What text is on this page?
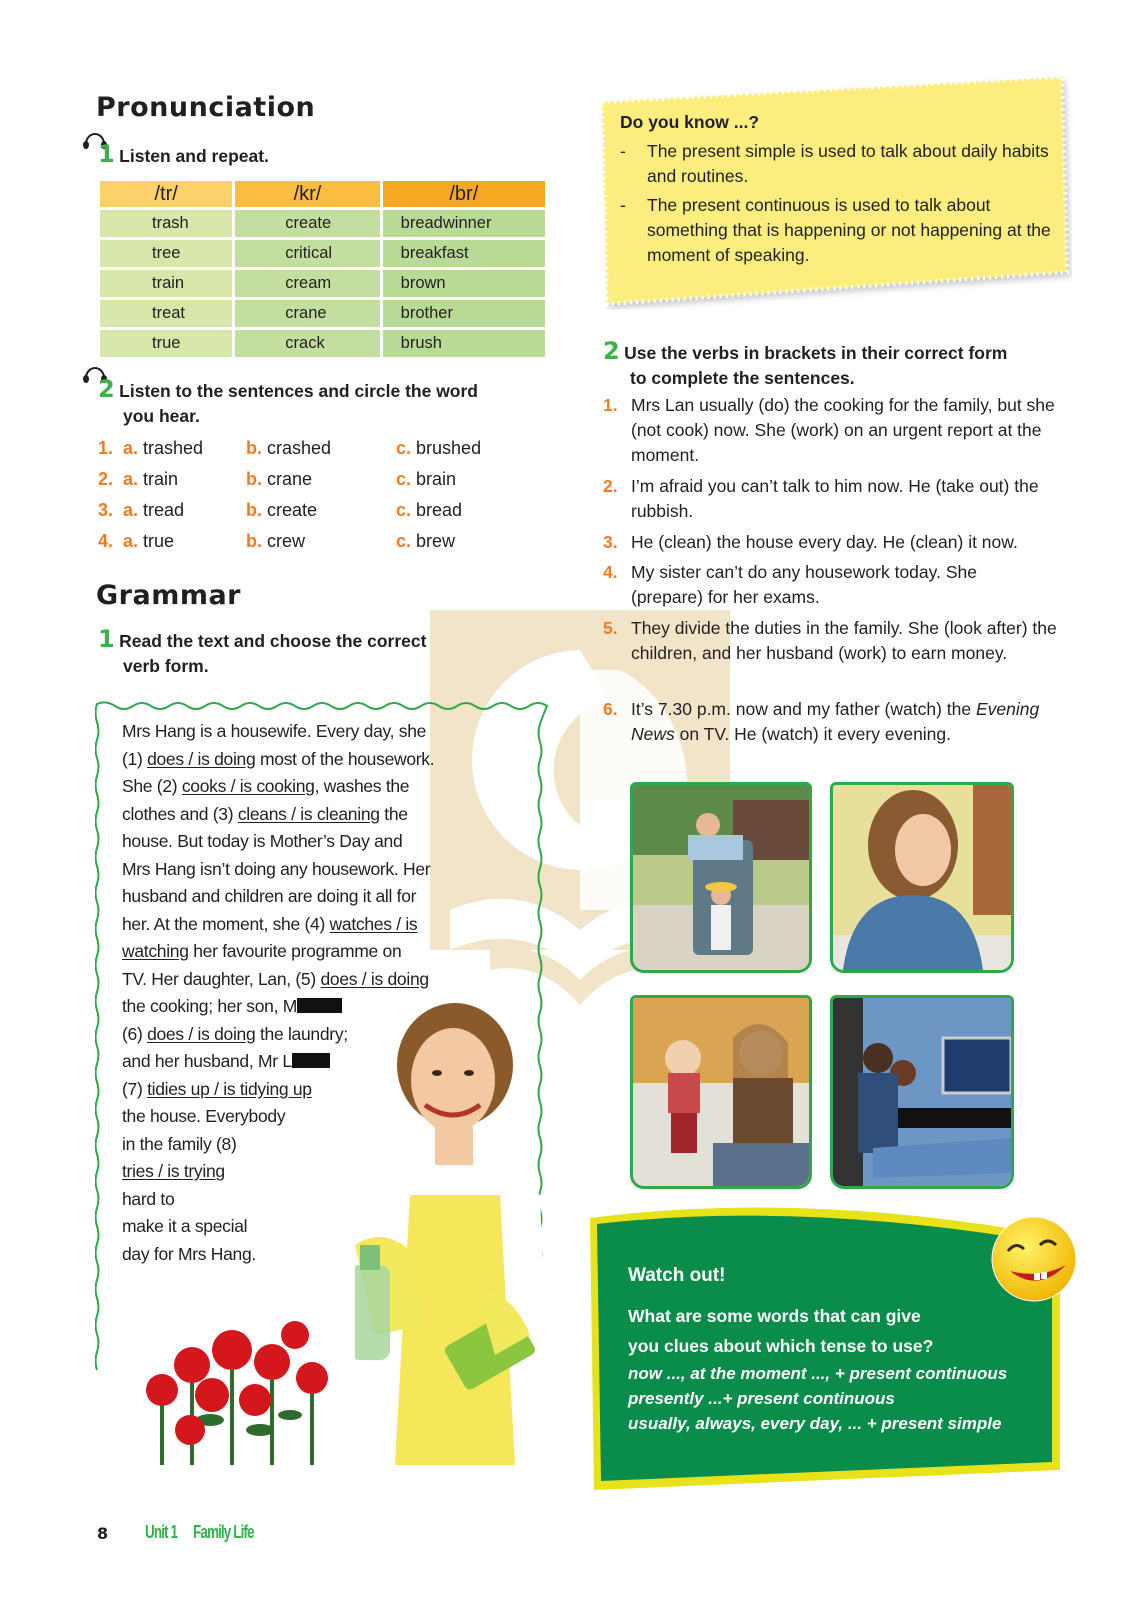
Pronunciation
1 Listen and repeat.
/tr/	/kr/	/br/
trash	create	breadwinner
tree	critical	breakfast
train	cream	brown
treat	crane	brother
true	crack	brush
2 Listen to the sentences and circle the word
you hear.
1. a. trashed b. crashed	c. brushed
2. a. train	b. crane	c. brain
3. a. tread	b. create	c. bread
4. a. true	b. crew	c. brew
Grammar
1 Read the text and choose the correct
verb form.
Mrs Hang is a housewife. Every day, she
(1) does / is doing most of the housework.
She (2) cooks / is cooking, washes the
clothes and (3) cleans / is cleaning the
house. But today is Mother’s Day and
Mrs Hang isn’t doing any housework. Her
husband and children are doing it all for
her. At the moment, she (4) watches / is
watching her favourite programme on
TV. Her daughter, Lan, (5) does / is doing
the cooking; her son, M
(6) does / is doing the laundry;
and her husband, Mr L
(7) tidies up / is tidying up
the house. Everybody
in the family (8)
tries / is trying
hard to
make it a special
day for Mrs Hang.
Do you know ...?
- The present simple is used to talk about daily habits and routines.
- The present continuous is used to talk about something that is happening or not happening at the moment of speaking.
2 Use the verbs in brackets in their correct form
to complete the sentences.
1. Mrs Lan usually (do) the cooking for the family, but she (not cook) now. She (work) on an urgent report at the moment.
2. I’m afraid you can’t talk to him now. He (take out) the rubbish.
3. He (clean) the house every day. He (clean) it now.
4. My sister can’t do any housework today. She (prepare) for her exams.
5. They divide the duties in the family. She (look after) the children, and her husband (work) to earn money.
6. It’s 7.30 p.m. now and my father (watch) the Evening News on TV. He (watch) it every evening.
Watch out!
What are some words that can give
you clues about which tense to use?
now ..., at the moment ..., + present continuous
presently ...+ present continuous
usually, always, every day, ... + present simple
8 Unit 1 Family Life
